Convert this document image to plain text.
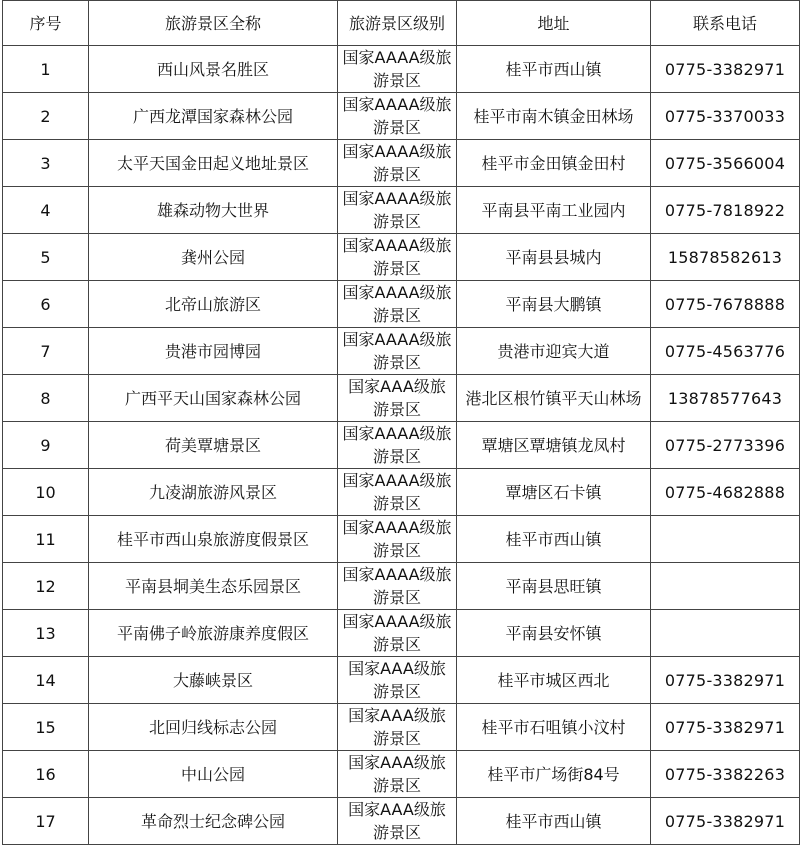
序号	旅游景区全称	旅游景区级别	地址	联系电话
1	西山风景名胜区	国家AAAA级旅游景区	桂平市西山镇	0775-3382971
2	广西龙潭国家森林公园	国家AAAA级旅游景区	桂平市南木镇金田林场	0775-3370033
3	太平天国金田起义地址景区	国家AAAA级旅游景区	桂平市金田镇金田村	0775-3566004
4	雄森动物大世界	国家AAAA级旅游景区	平南县平南工业园内	0775-7818922
5	龚州公园	国家AAAA级旅游景区	平南县县城内	15878582613
6	北帝山旅游区	国家AAAA级旅游景区	平南县大鹏镇	0775-7678888
7	贵港市园博园	国家AAAA级旅游景区	贵港市迎宾大道	0775-4563776
8	广西平天山国家森林公园	国家AAA级旅游景区	港北区根竹镇平天山林场	13878577643
9	荷美覃塘景区	国家AAAA级旅游景区	覃塘区覃塘镇龙凤村	0775-2773396
10	九凌湖旅游风景区	国家AAAA级旅游景区	覃塘区石卡镇	0775-4682888
11	桂平市西山泉旅游度假景区	国家AAAA级旅游景区	桂平市西山镇	
12	平南县垌美生态乐园景区	国家AAAA级旅游景区	平南县思旺镇	
13	平南佛子岭旅游康养度假区	国家AAAA级旅游景区	平南县安怀镇	
14	大藤峡景区	国家AAA级旅游景区	桂平市城区西北	0775-3382971
15	北回归线标志公园	国家AAA级旅游景区	桂平市石咀镇小汶村	0775-3382971
16	中山公园	国家AAA级旅游景区	桂平市广场街84号	0775-3382263
17	革命烈士纪念碑公园	国家AAA级旅游景区	桂平市西山镇	0775-3382971
